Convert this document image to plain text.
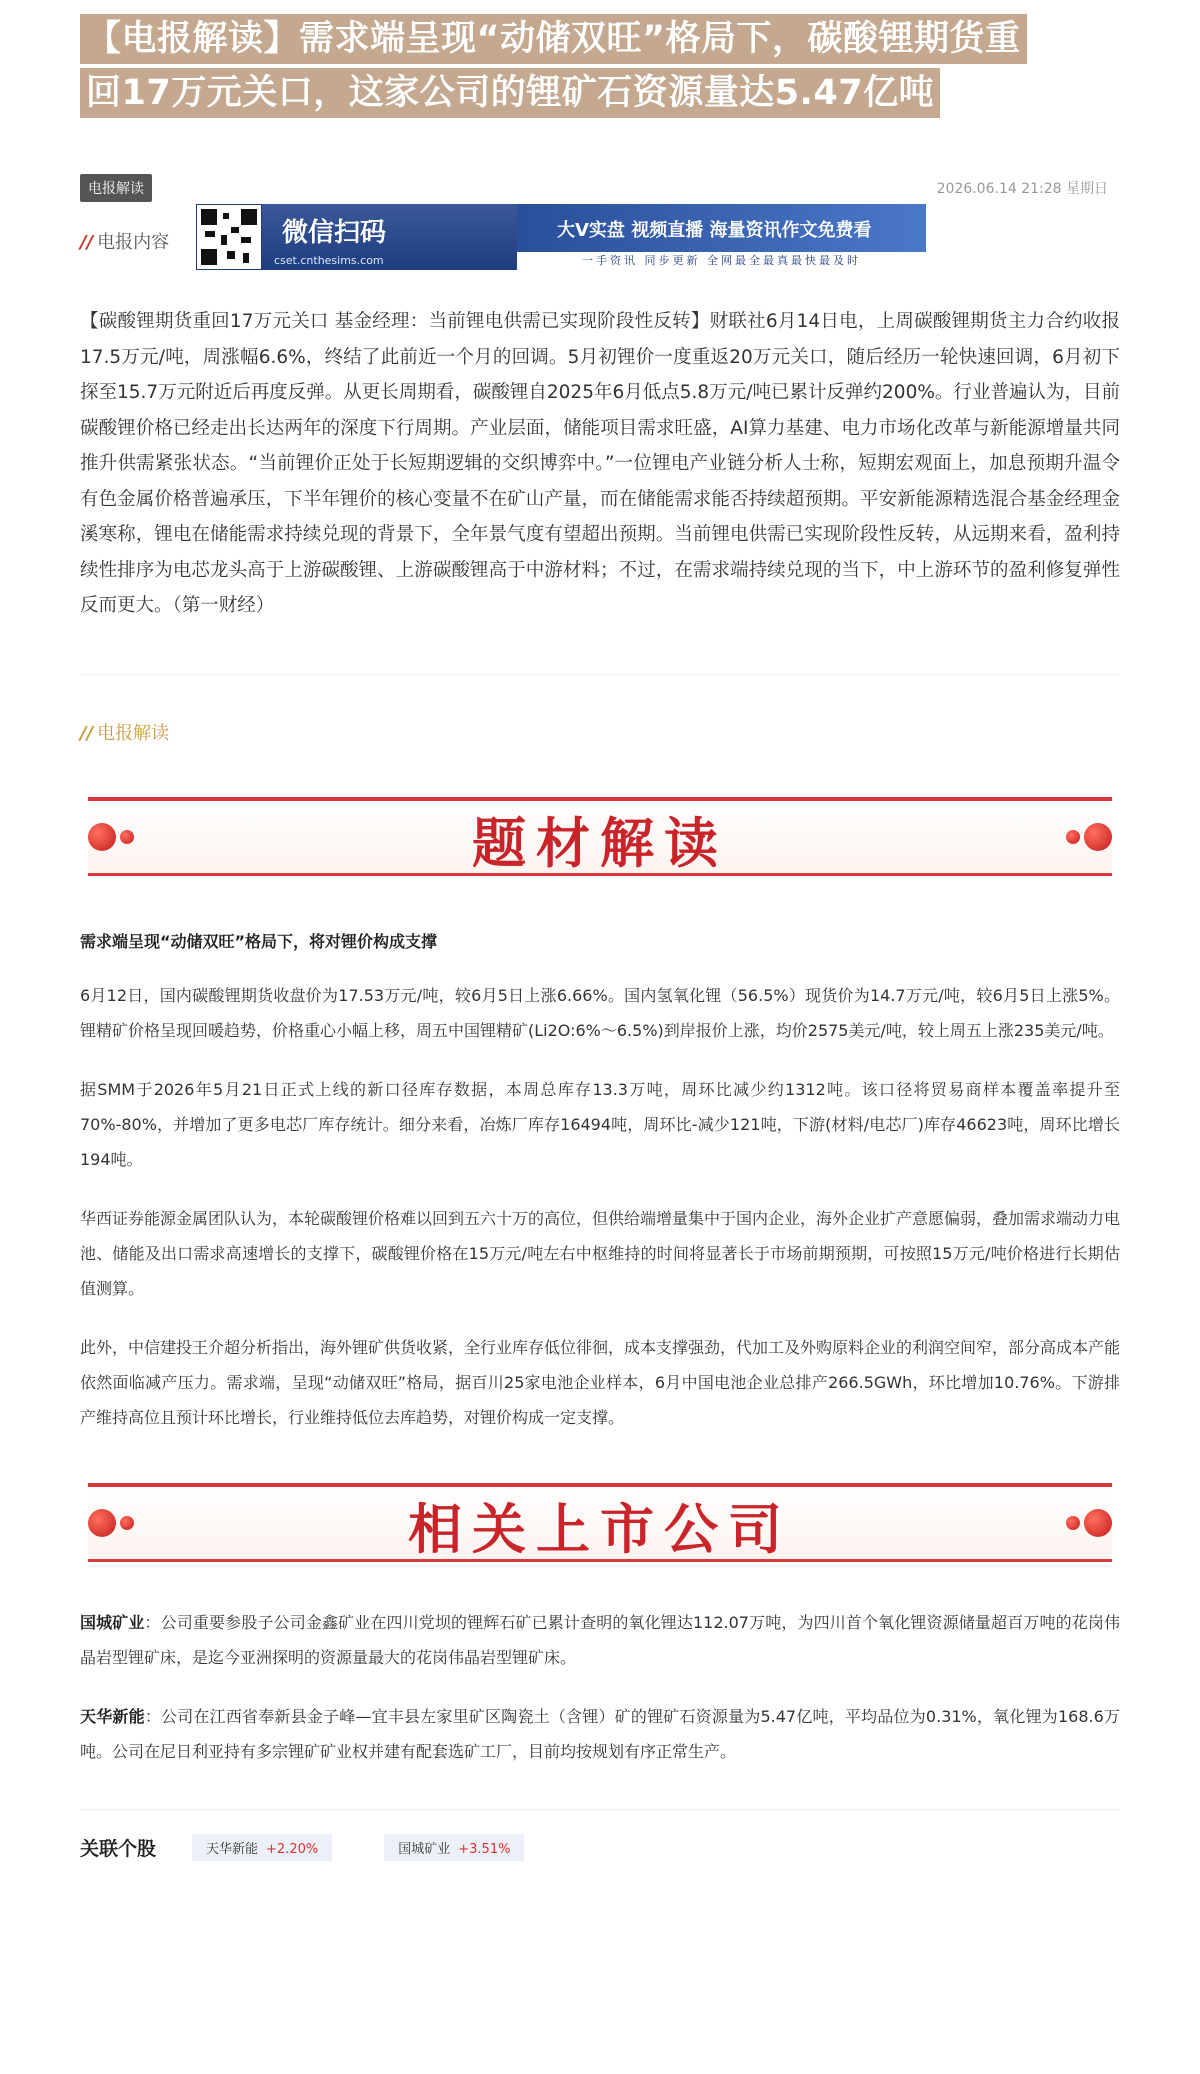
【电报解读】需求端呈现“动储双旺”格局下，碳酸锂期货重
回17万元关口，这家公司的锂矿石资源量达5.47亿吨
电报解读	2026.06.14 21:28 星期日
// 电报内容	微信扫码
cset.cnthesims.com
大V实盘 视频直播 海量资讯作文免费看
一手资讯 同步更新 全网最全最真最快最及时
【碳酸锂期货重回17万元关口 基金经理：当前锂电供需已实现阶段性反转】财联社6月14日电，上周碳酸锂期货主力合约收报17.5万元/吨，周涨幅6.6%，终结了此前近一个月的回调。5月初锂价一度重返20万元关口，随后经历一轮快速回调，6月初下探至15.7万元附近后再度反弹。从更长周期看，碳酸锂自2025年6月低点5.8万元/吨已累计反弹约200%。行业普遍认为，目前碳酸锂价格已经走出长达两年的深度下行周期。产业层面，储能项目需求旺盛，AI算力基建、电力市场化改革与新能源增量共同推升供需紧张状态。“当前锂价正处于长短期逻辑的交织博弈中。”一位锂电产业链分析人士称，短期宏观面上，加息预期升温令有色金属价格普遍承压，下半年锂价的核心变量不在矿山产量，而在储能需求能否持续超预期。平安新能源精选混合基金经理金溪寒称，锂电在储能需求持续兑现的背景下，全年景气度有望超出预期。当前锂电供需已实现阶段性反转，从远期来看，盈利持续性排序为电芯龙头高于上游碳酸锂、上游碳酸锂高于中游材料；不过，在需求端持续兑现的当下，中上游环节的盈利修复弹性反而更大。（第一财经）
// 电报解读
题材解读
需求端呈现“动储双旺”格局下，将对锂价构成支撑
6月12日，国内碳酸锂期货收盘价为17.53万元/吨，较6月5日上涨6.66%。国内氢氧化锂（56.5%）现货价为14.7万元/吨，较6月5日上涨5%。锂精矿价格呈现回暖趋势，价格重心小幅上移，周五中国锂精矿(Li2O:6%～6.5%)到岸报价上涨，均价2575美元/吨，较上周五上涨235美元/吨。
据SMM于2026年5月21日正式上线的新口径库存数据，本周总库存13.3万吨，周环比减少约1312吨。该口径将贸易商样本覆盖率提升至70%-80%，并增加了更多电芯厂库存统计。细分来看，冶炼厂库存16494吨，周环比-减少121吨，下游(材料/电芯厂)库存46623吨，周环比增长 194吨。
华西证券能源金属团队认为，本轮碳酸锂价格难以回到五六十万的高位，但供给端增量集中于国内企业，海外企业扩产意愿偏弱，叠加需求端动力电池、储能及出口需求高速增长的支撑下，碳酸锂价格在15万元/吨左右中枢维持的时间将显著长于市场前期预期，可按照15万元/吨价格进行长期估值测算。
此外，中信建投王介超分析指出，海外锂矿供货收紧，全行业库存低位徘徊，成本支撑强劲，代加工及外购原料企业的利润空间窄，部分高成本产能依然面临减产压力。需求端，呈现“动储双旺”格局，据百川25家电池企业样本，6月中国电池企业总排产266.5GWh，环比增加10.76%。下游排产维持高位且预计环比增长，行业维持低位去库趋势，对锂价构成一定支撑。
相关上市公司
国城矿业：公司重要参股子公司金鑫矿业在四川党坝的锂辉石矿已累计查明的氧化锂达112.07万吨，为四川首个氧化锂资源储量超百万吨的花岗伟晶岩型锂矿床，是迄今亚洲探明的资源量最大的花岗伟晶岩型锂矿床。
天华新能：公司在江西省奉新县金子峰—宜丰县左家里矿区陶瓷土（含锂）矿的锂矿石资源量为5.47亿吨，平均品位为0.31%，氧化锂为168.6万吨。公司在尼日利亚持有多宗锂矿矿业权并建有配套选矿工厂，目前均按规划有序正常生产。
关联个股	天华新能 +2.20%	国城矿业 +3.51%
